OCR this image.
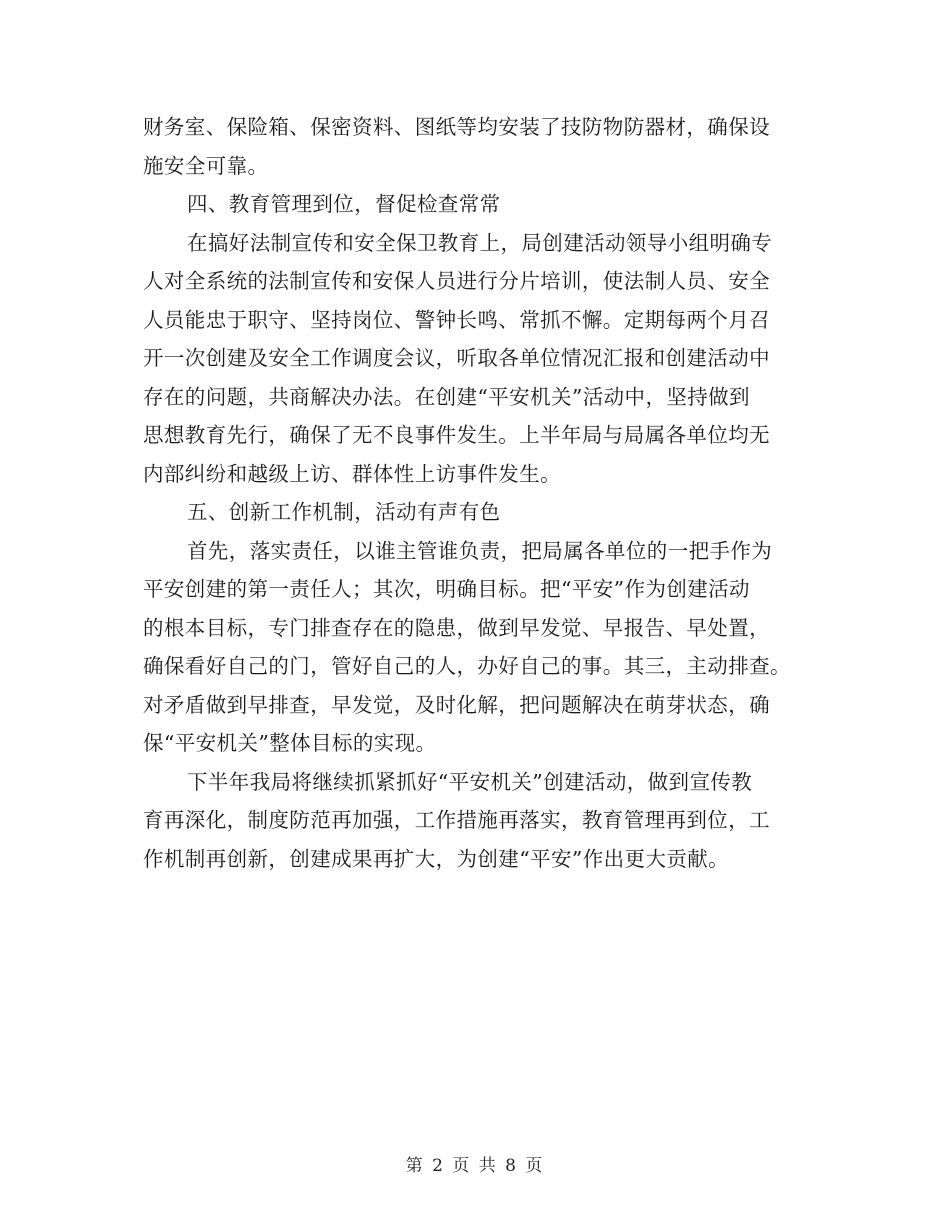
财务室、保险箱、保密资料、图纸等均安装了技防物防器材，确保设
施安全可靠。
四、教育管理到位，督促检查常常
在搞好法制宣传和安全保卫教育上，局创建活动领导小组明确专
人对全系统的法制宣传和安保人员进行分片培训，使法制人员、安全
人员能忠于职守、坚持岗位、警钟长鸣、常抓不懈。定期每两个月召
开一次创建及安全工作调度会议，听取各单位情况汇报和创建活动中
存在的问题，共商解决办法。在创建“平安机关”活动中，坚持做到
思想教育先行，确保了无不良事件发生。上半年局与局属各单位均无
内部纠纷和越级上访、群体性上访事件发生。
五、创新工作机制，活动有声有色
首先，落实责任，以谁主管谁负责，把局属各单位的一把手作为
平安创建的第一责任人；其次，明确目标。把“平安”作为创建活动
的根本目标，专门排查存在的隐患，做到早发觉、早报告、早处置，
确保看好自己的门，管好自己的人，办好自己的事。其三，主动排查。
对矛盾做到早排查，早发觉，及时化解，把问题解决在萌芽状态，确
保“平安机关”整体目标的实现。
下半年我局将继续抓紧抓好“平安机关”创建活动，做到宣传教
育再深化，制度防范再加强，工作措施再落实，教育管理再到位，工
作机制再创新，创建成果再扩大，为创建“平安”作出更大贡献。
第 2 页 共 8 页
